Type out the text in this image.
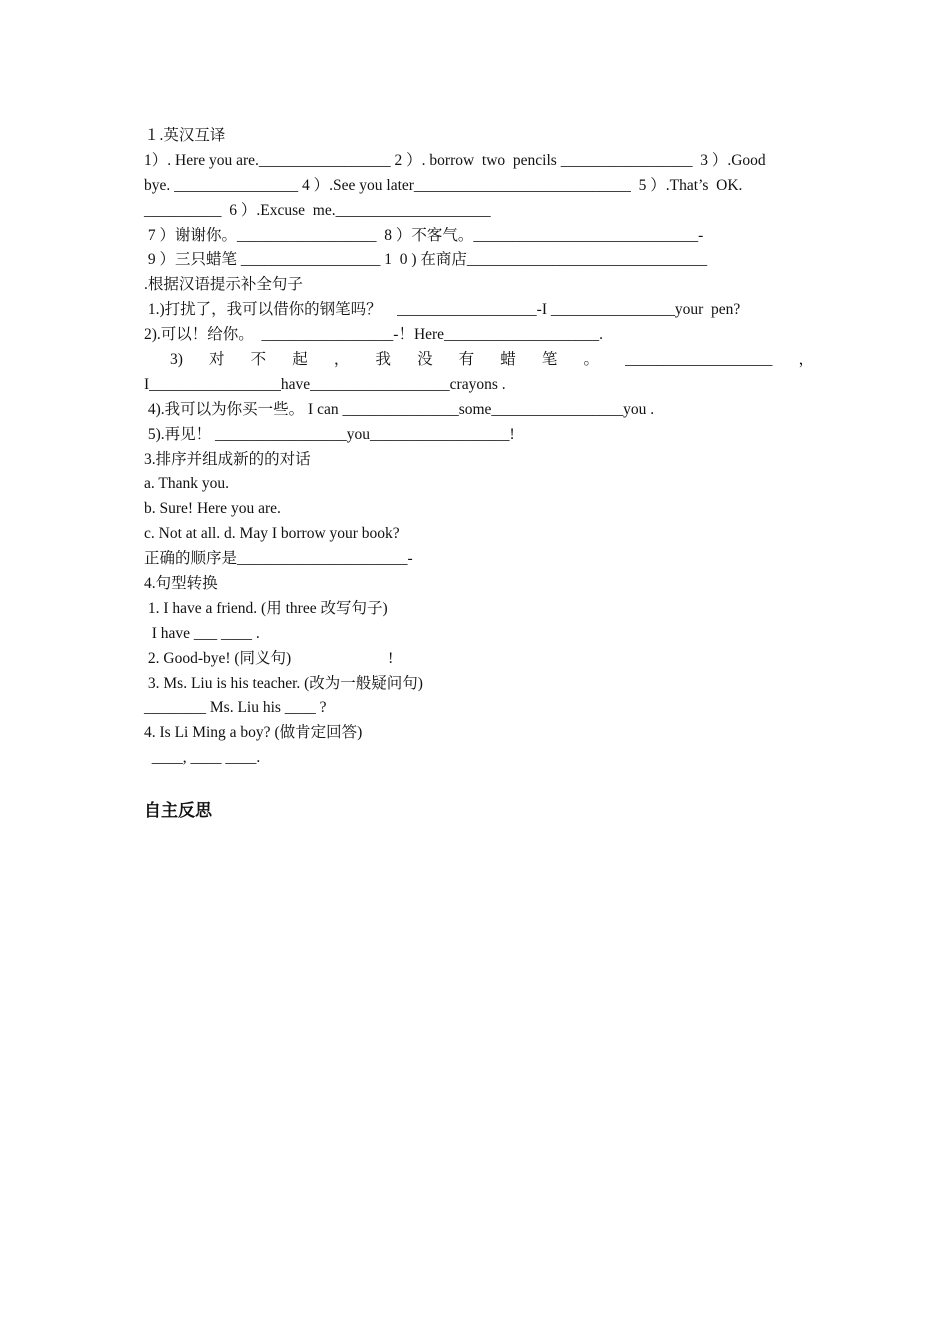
１.英汉互译
1）. Here you are._________________ 2 ）. borrow  two  pencils _________________  3 ）.Good
bye. ________________ 4 ）.See you later____________________________  5 ）.That’s  OK.
__________  6 ）.Excuse  me.____________________
7 ）谢谢你。__________________  8 ）不客气。_____________________________-
9 ）三只蜡笔 __________________ 1  0 ) 在商店_______________________________
.根据汉语提示补全句子
1.)打扰了，我可以借你的钢笔吗？    __________________-I ________________your  pen?
2).可以！给你。  _________________-！Here____________________.
3) 对 不 起 ， 我 没 有 蜡 笔 。 ___________________ ，
I_________________have__________________crayons .
4).我可以为你买一些。 I can _______________some_________________you .
5).再见！ _________________you__________________!
3.排序并组成新的的对话
a. Thank you.
b. Sure! Here you are.
c. Not at all. d. May I borrow your book?
正确的顺序是______________________-
4.句型转换
1. I have a friend. (用 three 改写句子)
I have ___ ____ .
2. Good-bye! (同义句)                         !
3. Ms. Liu is his teacher. (改为一般疑问句)
________ Ms. Liu his ____ ?
4. Is Li Ming a boy? (做肯定回答)
____, ____ ____.
自主反思
